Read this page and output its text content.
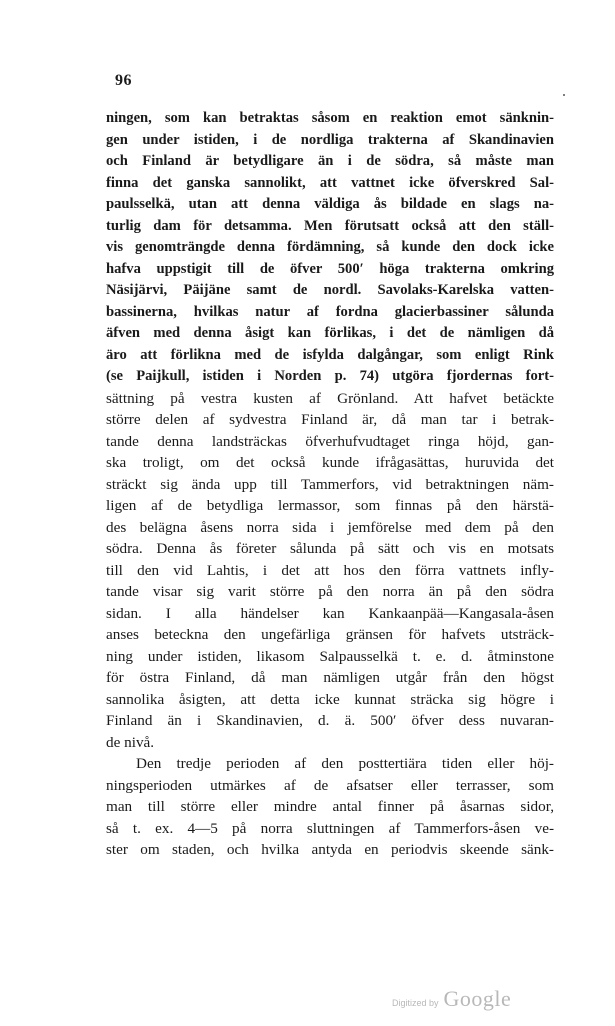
96
ningen, som kan betraktas såsom en reaktion emot sänknin-
gen under istiden, i de nordliga trakterna af Skandinavien
och Finland är betydligare än i de södra, så måste man
finna det ganska sannolikt, att vattnet icke öfverskred Sal-
paulsselkä, utan att denna väldiga ås bildade en slags na-
turlig dam för detsamma. Men förutsatt också att den ställ-
vis genomträngde denna fördämning, så kunde den dock icke
hafva uppstigit till de öfver 500′ höga trakterna omkring
Näsijärvi, Päijäne samt de nordl. Savolaks-Karelska vatten-
bassinerna, hvilkas natur af fordna glacierbassiner sålunda
äfven med denna åsigt kan förlikas, i det de nämligen då
äro att förlikna med de isfylda dalgångar, som enligt Rink
(se Paijkull, istiden i Norden p. 74) utgöra fjordernas fort-
sättning på vestra kusten af Grönland. Att hafvet betäckte
större delen af sydvestra Finland är, då man tar i betrak-
tande denna landsträckas öfverhufvudtaget ringa höjd, gan-
ska troligt, om det också kunde ifrågasättas, huruvida det
sträckt sig ända upp till Tammerfors, vid betraktningen näm-
ligen af de betydliga lermassor, som finnas på den härstä-
des belägna åsens norra sida i jemförelse med dem på den
södra. Denna ås företer sålunda på sätt och vis en motsats
till den vid Lahtis, i det att hos den förra vattnets infly-
tande visar sig varit större på den norra än på den södra
sidan. I alla händelser kan Kankaanpää—Kangasala-åsen
anses beteckna den ungefärliga gränsen för hafvets utsträck-
ning under istiden, likasom Salpausselkä t. e. d. åtminstone
för östra Finland, då man nämligen utgår från den högst
sannolika åsigten, att detta icke kunnat sträcka sig högre i
Finland än i Skandinavien, d. ä. 500′ öfver dess nuvaran-
de nivå.
Den tredje perioden af den posttertiära tiden eller höj-
ningsperioden utmärkes af de afsatser eller terrasser, som
man till större eller mindre antal finner på åsarnas sidor,
så t. ex. 4—5 på norra sluttningen af Tammerfors-åsen ve-
ster om staden, och hvilka antyda en periodvis skeende sänk-
Digitized by Google
